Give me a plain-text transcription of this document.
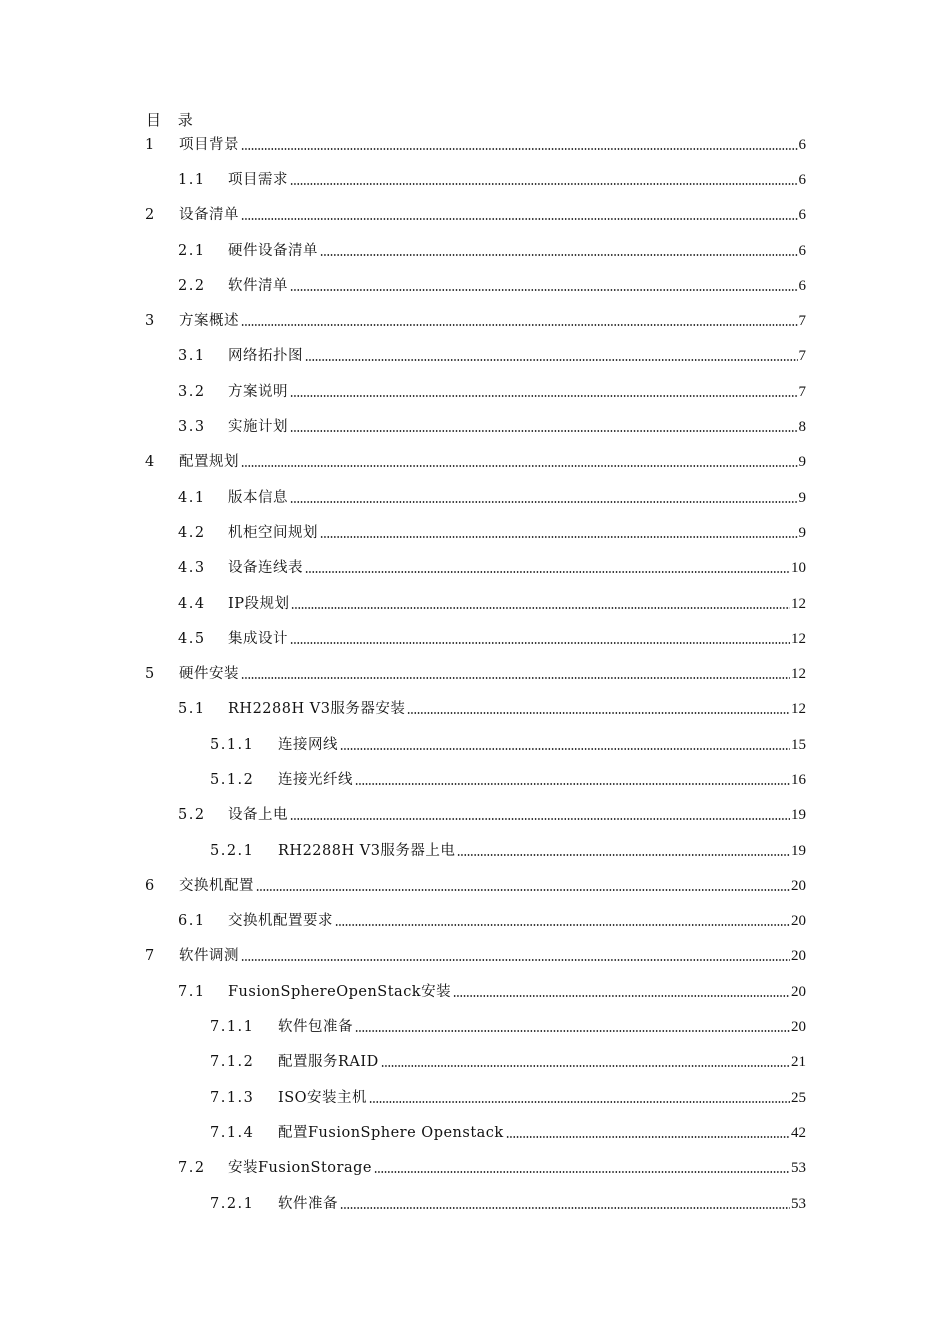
目 录
1	项目背景	6
1.1	项目需求	6
2	设备清单	6
2.1	硬件设备清单	6
2.2	软件清单	6
3	方案概述	7
3.1	网络拓扑图	7
3.2	方案说明	7
3.3	实施计划	8
4	配置规划	9
4.1	版本信息	9
4.2	机柜空间规划	9
4.3	设备连线表	10
4.4	IP段规划	12
4.5	集成设计	12
5	硬件安装	12
5.1	RH2288H V3服务器安装	12
5.1.1	连接网线	15
5.1.2	连接光纤线	16
5.2	设备上电	19
5.2.1	RH2288H V3服务器上电	19
6	交换机配置	20
6.1	交换机配置要求	20
7	软件调测	20
7.1	FusionSphereOpenStack安装	20
7.1.1	软件包准备	20
7.1.2	配置服务RAID	21
7.1.3	ISO安装主机	25
7.1.4	配置FusionSphere Openstack	42
7.2	安装FusionStorage	53
7.2.1	软件准备	53
